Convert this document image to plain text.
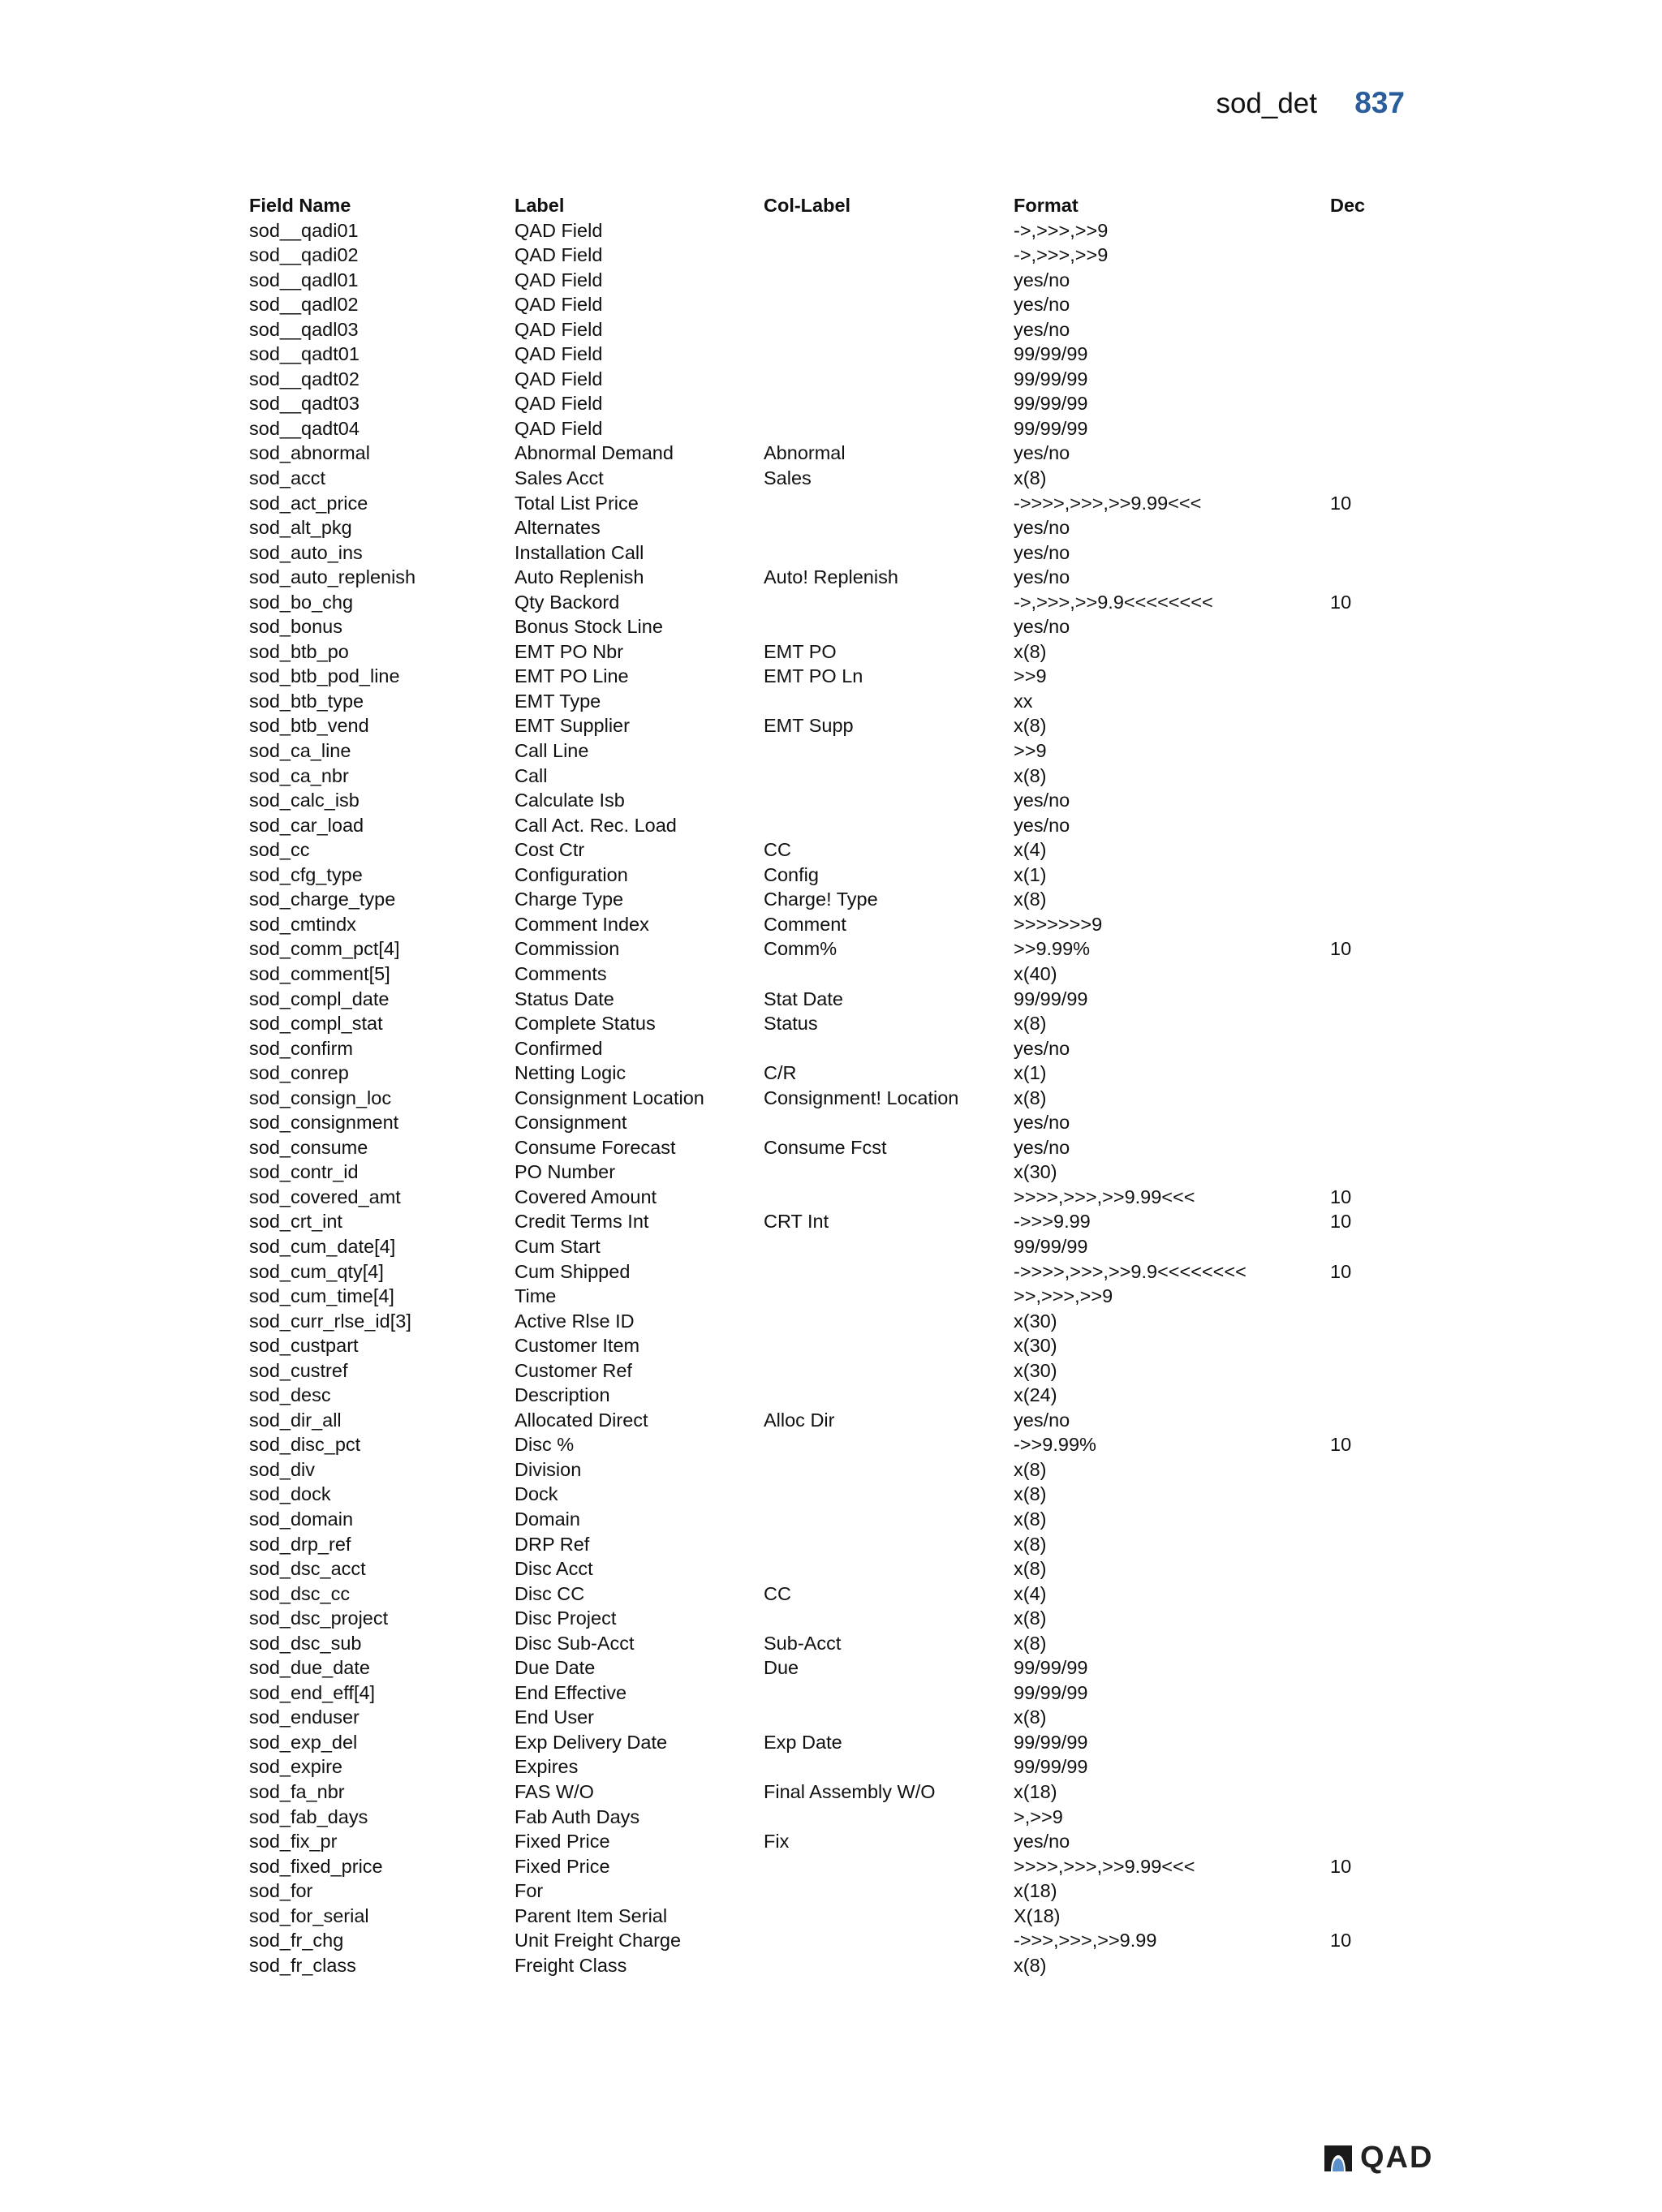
sod_det 837
Field Name	Label	Col-Label	Format	Dec
sod__qadi01	QAD Field		->,>>>,>>9	
sod__qadi02	QAD Field		->,>>>,>>9	
sod__qadl01	QAD Field		yes/no	
sod__qadl02	QAD Field		yes/no	
sod__qadl03	QAD Field		yes/no	
sod__qadt01	QAD Field		99/99/99	
sod__qadt02	QAD Field		99/99/99	
sod__qadt03	QAD Field		99/99/99	
sod__qadt04	QAD Field		99/99/99	
sod_abnormal	Abnormal Demand	Abnormal	yes/no	
sod_acct	Sales Acct	Sales	x(8)	
sod_act_price	Total List Price		->>>>,>>>,>>9.99<<<	10
sod_alt_pkg	Alternates		yes/no	
sod_auto_ins	Installation Call		yes/no	
sod_auto_replenish	Auto Replenish	Auto! Replenish	yes/no	
sod_bo_chg	Qty Backord		->,>>>,>>9.9<<<<<<<<	10
sod_bonus	Bonus Stock Line		yes/no	
sod_btb_po	EMT PO Nbr	EMT PO	x(8)	
sod_btb_pod_line	EMT PO Line	EMT PO Ln	>>9	
sod_btb_type	EMT Type		xx	
sod_btb_vend	EMT Supplier	EMT Supp	x(8)	
sod_ca_line	Call Line		>>9	
sod_ca_nbr	Call		x(8)	
sod_calc_isb	Calculate Isb		yes/no	
sod_car_load	Call Act. Rec. Load		yes/no	
sod_cc	Cost Ctr	CC	x(4)	
sod_cfg_type	Configuration	Config	x(1)	
sod_charge_type	Charge Type	Charge! Type	x(8)	
sod_cmtindx	Comment Index	Comment	>>>>>>>9	
sod_comm_pct[4]	Commission	Comm%	>>9.99%	10
sod_comment[5]	Comments		x(40)	
sod_compl_date	Status Date	Stat Date	99/99/99	
sod_compl_stat	Complete Status	Status	x(8)	
sod_confirm	Confirmed		yes/no	
sod_conrep	Netting Logic	C/R	x(1)	
sod_consign_loc	Consignment Location	Consignment! Location	x(8)	
sod_consignment	Consignment		yes/no	
sod_consume	Consume Forecast	Consume Fcst	yes/no	
sod_contr_id	PO Number		x(30)	
sod_covered_amt	Covered Amount		>>>>,>>>,>>9.99<<<	10
sod_crt_int	Credit Terms Int	CRT Int	->>>9.99	10
sod_cum_date[4]	Cum Start		99/99/99	
sod_cum_qty[4]	Cum Shipped		->>>>,>>>,>>9.9<<<<<<<<	10
sod_cum_time[4]	Time		>>,>>>,>>9	
sod_curr_rlse_id[3]	Active Rlse ID		x(30)	
sod_custpart	Customer Item		x(30)	
sod_custref	Customer Ref		x(30)	
sod_desc	Description		x(24)	
sod_dir_all	Allocated Direct	Alloc Dir	yes/no	
sod_disc_pct	Disc %		->>9.99%	10
sod_div	Division		x(8)	
sod_dock	Dock		x(8)	
sod_domain	Domain		x(8)	
sod_drp_ref	DRP Ref		x(8)	
sod_dsc_acct	Disc Acct		x(8)	
sod_dsc_cc	Disc CC	CC	x(4)	
sod_dsc_project	Disc Project		x(8)	
sod_dsc_sub	Disc Sub-Acct	Sub-Acct	x(8)	
sod_due_date	Due Date	Due	99/99/99	
sod_end_eff[4]	End Effective		99/99/99	
sod_enduser	End User		x(8)	
sod_exp_del	Exp Delivery Date	Exp Date	99/99/99	
sod_expire	Expires		99/99/99	
sod_fa_nbr	FAS W/O	Final Assembly W/O	x(18)	
sod_fab_days	Fab Auth Days		>,>>9	
sod_fix_pr	Fixed Price	Fix	yes/no	
sod_fixed_price	Fixed Price		>>>>,>>>,>>9.99<<<	10
sod_for	For		x(18)	
sod_for_serial	Parent Item Serial		X(18)	
sod_fr_chg	Unit Freight Charge		->>>,>>>,>>9.99	10
sod_fr_class	Freight Class		x(8)	
QAD
